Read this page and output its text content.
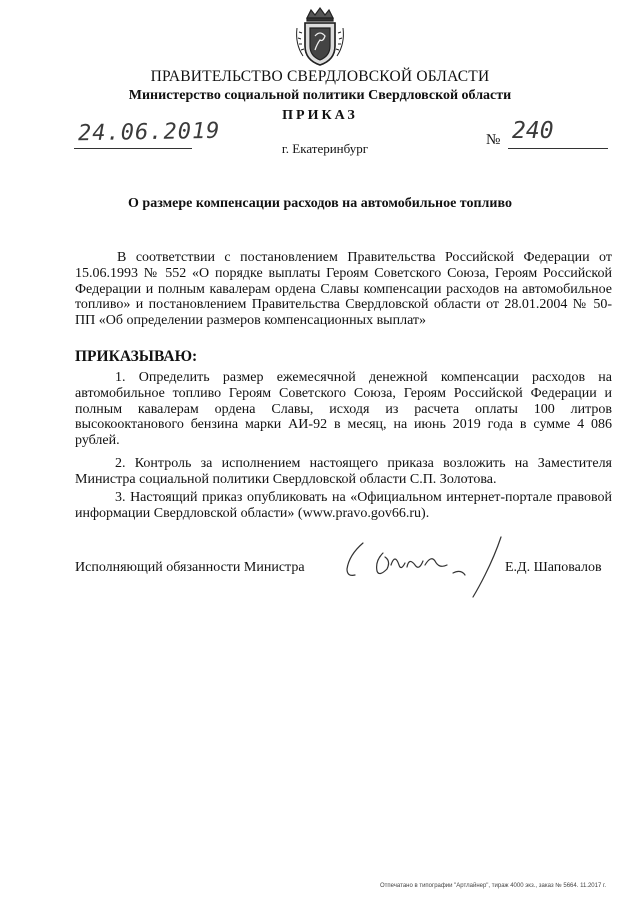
ПРАВИТЕЛЬСТВО СВЕРДЛОВСКОЙ ОБЛАСТИ
Министерство социальной политики Свердловской области
ПРИКАЗ
24.06.2019	№ 240
г. Екатеринбург
О размере компенсации расходов на автомобильное топливо
В соответствии с постановлением Правительства Российской Федерации от 15.06.1993 № 552 «О порядке выплаты Героям Советского Союза, Героям Российской Федерации и полным кавалерам ордена Славы компенсации расходов на автомобильное топливо» и постановлением Правительства Свердловской области от 28.01.2004 № 50-ПП «Об определении размеров компенсационных выплат»
ПРИКАЗЫВАЮ:
1. Определить размер ежемесячной денежной компенсации расходов на автомобильное топливо Героям Советского Союза, Героям Российской Федерации и полным кавалерам ордена Славы, исходя из расчета оплаты 100 литров высокооктанового бензина марки АИ-92 в месяц, на июнь 2019 года в сумме 4 086 рублей.
2. Контроль за исполнением настоящего приказа возложить на Заместителя Министра социальной политики Свердловской области С.П. Золотова.
3. Настоящий приказ опубликовать на «Официальном интернет-портале правовой информации Свердловской области» (www.pravo.gov66.ru).
Исполняющий обязанности Министра	Е.Д. Шаповалов
Отпечатано в типографии "Артлайнер", тираж 4000 экз., заказ № 5664. 11.2017 г.
